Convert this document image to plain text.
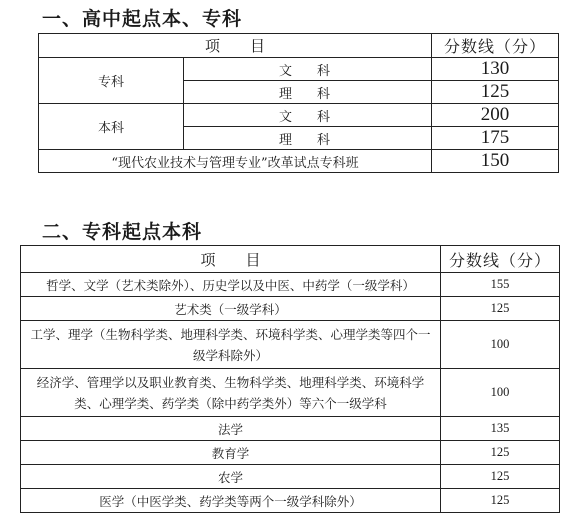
一、高中起点本、专科
项　　目		分数线（分）
专科	文　科	130
	理　科	125
本科	文　科	200
	理　科	175
“现代农业技术与管理专业”改革试点专科班		150
二、专科起点本科
项　　目	分数线（分）
哲学、文学（艺术类除外）、历史学以及中医、中药学（一级学科）	155
艺术类（一级学科）	125
工学、理学（生物科学类、地理科学类、环境科学类、心理学类等四个一级学科除外）	100
经济学、管理学以及职业教育类、生物科学类、地理科学类、环境科学类、心理学类、药学类（除中药学类外）等六个一级学科	100
法学	135
教育学	125
农学	125
医学（中医学类、药学类等两个一级学科除外）	125
